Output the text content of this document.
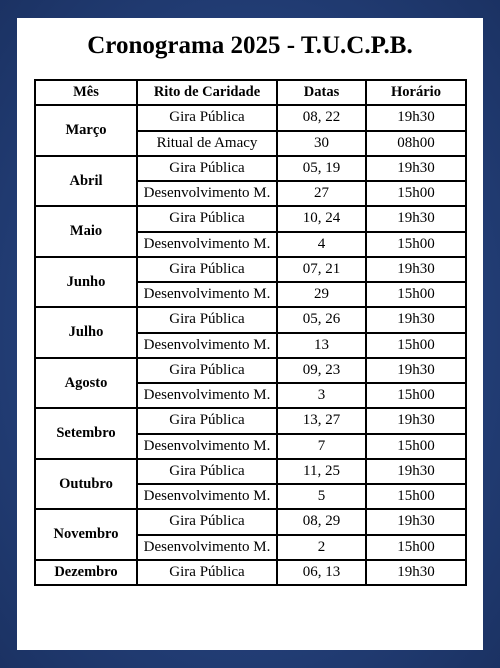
Cronograma 2025 - T.U.C.P.B.
Mês	Rito de Caridade	Datas	Horário
Março	Gira Pública	08, 22	19h30
	Ritual de Amacy	30	08h00
Abril	Gira Pública	05, 19	19h30
	Desenvolvimento M.	27	15h00
Maio	Gira Pública	10, 24	19h30
	Desenvolvimento M.	4	15h00
Junho	Gira Pública	07, 21	19h30
	Desenvolvimento M.	29	15h00
Julho	Gira Pública	05, 26	19h30
	Desenvolvimento M.	13	15h00
Agosto	Gira Pública	09, 23	19h30
	Desenvolvimento M.	3	15h00
Setembro	Gira Pública	13, 27	19h30
	Desenvolvimento M.	7	15h00
Outubro	Gira Pública	11, 25	19h30
	Desenvolvimento M.	5	15h00
Novembro	Gira Pública	08, 29	19h30
	Desenvolvimento M.	2	15h00
Dezembro	Gira Pública	06, 13	19h30
